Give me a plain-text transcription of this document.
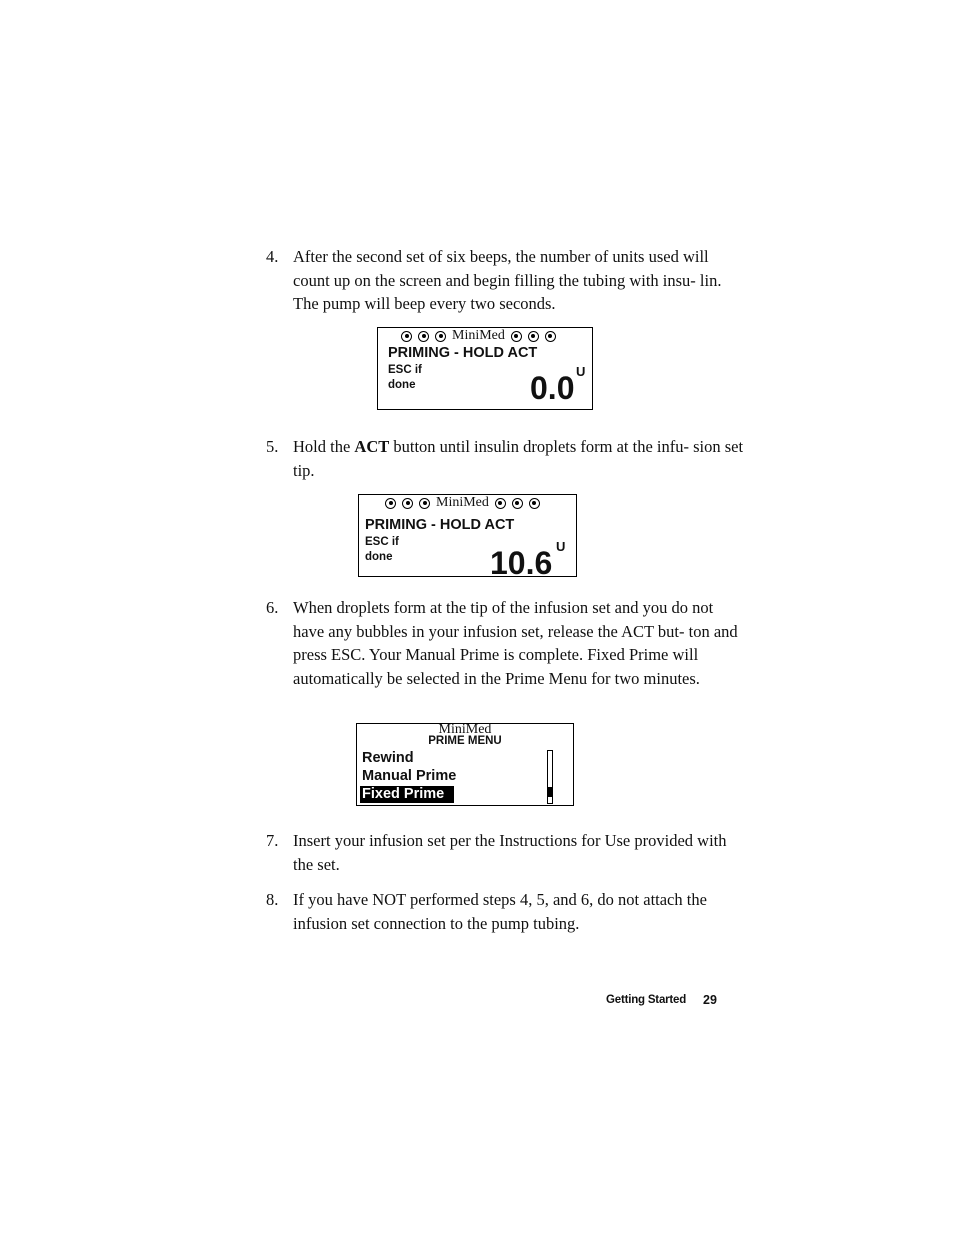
4. After the second set of six beeps, the number of units used will count up on the screen and begin filling the tubing with insu- lin. The pump will beep every two seconds.
MiniMed
PRIMING - HOLD ACT
ESC if
done	0.0 U
5. Hold the ACT button until insulin droplets form at the infu- sion set tip.
MiniMed
PRIMING - HOLD ACT
ESC if
done	10.6 U
6. When droplets form at the tip of the infusion set and you do not have any bubbles in your infusion set, release the ACT but- ton and press ESC. Your Manual Prime is complete. Fixed Prime will automatically be selected in the Prime Menu for two minutes.
MiniMed
PRIME MENU
Rewind
Manual Prime
Fixed Prime
7. Insert your infusion set per the Instructions for Use provided with the set.
8. If you have NOT performed steps 4, 5, and 6, do not attach the infusion set connection to the pump tubing.
Getting Started 29
